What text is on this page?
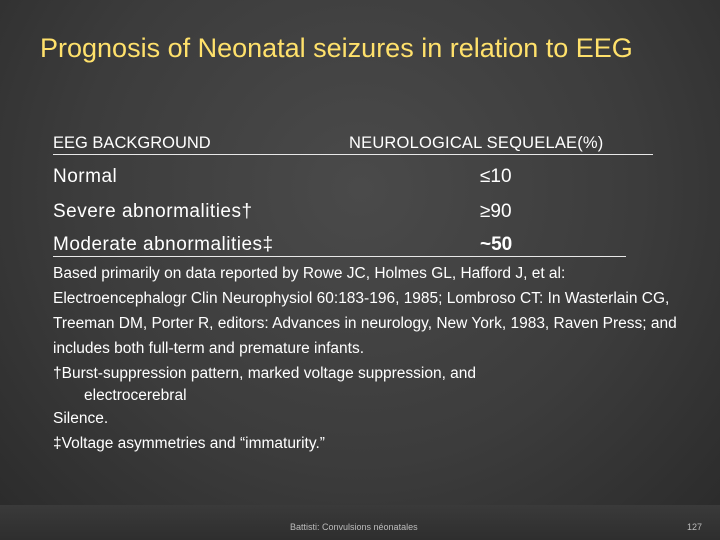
Prognosis of Neonatal seizures in relation to EEG
EEG BACKGROUND	NEUROLOGICAL SEQUELAE(%)
Normal	≤10
Severe abnormalities†	≥90
Moderate abnormalities‡	~50

Based primarily on data reported by Rowe JC, Holmes GL, Hafford J, et al: Electroencephalogr Clin Neurophysiol 60:183-196, 1985; Lombroso CT: In Wasterlain CG, Treeman DM, Porter R, editors: Advances in neurology, New York, 1983, Raven Press; and includes both full-term and premature infants.

†Burst-suppression pattern, marked voltage suppression, and

electrocerebral

Silence.

‡Voltage asymmetries and “immaturity.”

Battisti: Convulsions néonatales	127
